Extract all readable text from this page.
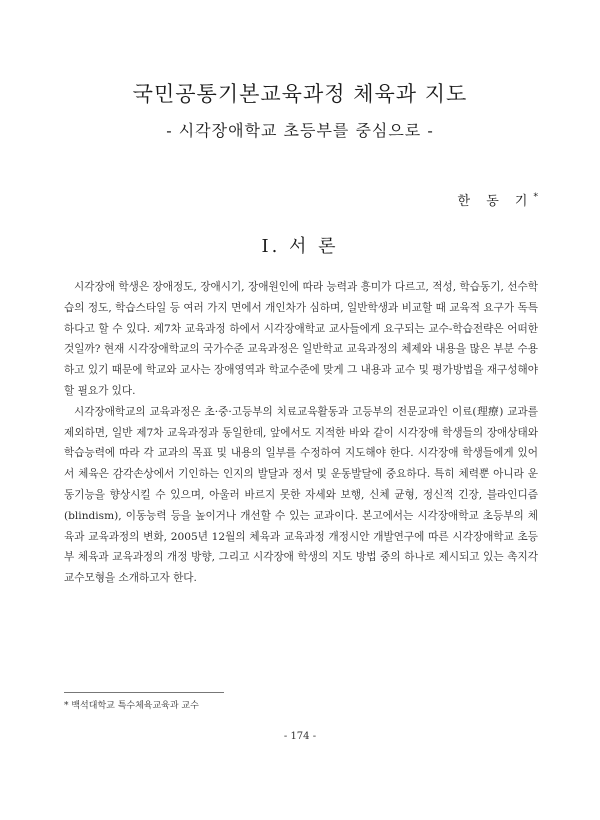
국민공통기본교육과정 체육과 지도
- 시각장애학교 초등부를 중심으로 -
한 동 기*
Ⅰ. 서 론

시각장애 학생은 장애정도, 장애시기, 장애원인에 따라 능력과 흥미가 다르고, 적성, 학습동기, 선수학습의 정도, 학습스타일 등 여러 가지 면에서 개인차가 심하며, 일반학생과 비교할 때 교육적 요구가 독특하다고 할 수 있다. 제7차 교육과정 하에서 시각장애학교 교사들에게 요구되는 교수-학습전략은 어떠한 것일까? 현재 시각장애학교의 국가수준 교육과정은 일반학교 교육과정의 체제와 내용을 많은 부분 수용하고 있기 때문에 학교와 교사는 장애영역과 학교수준에 맞게 그 내용과 교수 및 평가방법을 재구성해야 할 필요가 있다.

시각장애학교의 교육과정은 초·중·고등부의 치료교육활동과 고등부의 전문교과인 이료(理療) 교과를 제외하면, 일반 제7차 교육과정과 동일한데, 앞에서도 지적한 바와 같이 시각장애 학생들의 장애상태와 학습능력에 따라 각 교과의 목표 및 내용의 일부를 수정하여 지도해야 한다. 시각장애 학생들에게 있어서 체육은 감각손상에서 기인하는 인지의 발달과 정서 및 운동발달에 중요하다. 특히 체력뿐 아니라 운동기능을 향상시킬 수 있으며, 아울러 바르지 못한 자세와 보행, 신체 균형, 정신적 긴장, 블라인디즘(blindism), 이동능력 등을 높이거나 개선할 수 있는 교과이다. 본고에서는 시각장애학교 초등부의 체육과 교육과정의 변화, 2005년 12월의 체육과 교육과정 개정시안 개발연구에 따른 시각장애학교 초등부 체육과 교육과정의 개정 방향, 그리고 시각장애 학생의 지도 방법 중의 하나로 제시되고 있는 촉지각 교수모형을 소개하고자 한다.

* 백석대학교 특수체육교육과 교수
- 174 -
